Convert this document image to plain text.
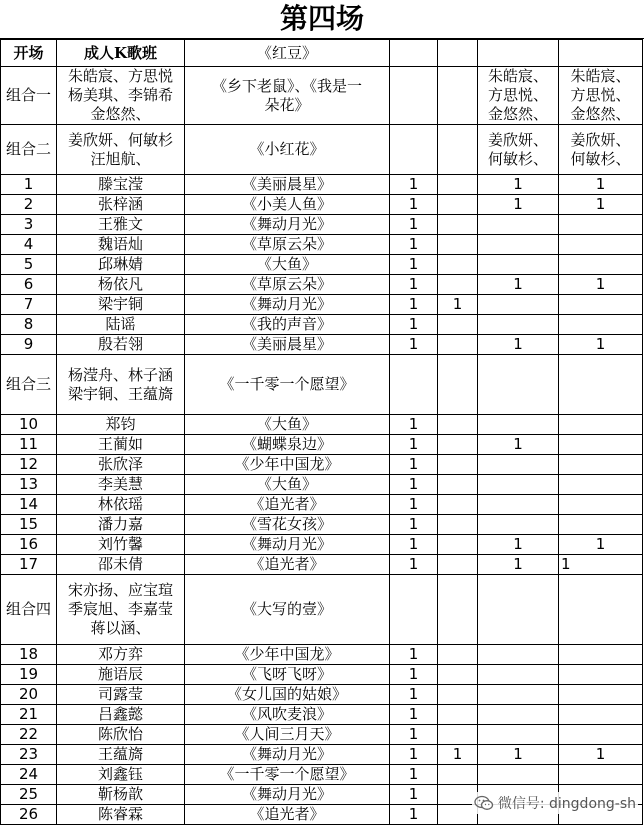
第四场
开场	成人K歌班	《红豆》				
组合一	朱皓宸、方思悦
杨美琪、李锦希
金悠然、	《乡下老鼠》、《我是一
朵花》			朱皓宸、
方思悦、
金悠然、	朱皓宸、
方思悦、
金悠然、
组合二	姜欣妍、何敏杉
汪旭航、	《小红花》			姜欣妍、
何敏杉、	姜欣妍、
何敏杉、
1	滕宝滢	《美丽晨星》	1		1	1
2	张梓涵	《小美人鱼》	1		1	1
3	王雅文	《舞动月光》	1			
4	魏语灿	《草原云朵》	1			
5	邱琳婧	《大鱼》	1			
6	杨依凡	《草原云朵》	1		1	1
7	梁宇铜	《舞动月光》	1	1		
8	陆谣	《我的声音》	1			
9	殷若翎	《美丽晨星》	1		1	1
组合三	杨滢舟、林子涵
梁宇铜、王蕴旖	《一千零一个愿望》				
10	郑钧	《大鱼》	1			
11	王蔺如	《蝴蝶泉边》	1		1	
12	张欣泽	《少年中国龙》	1			
13	李美慧	《大鱼》	1			
14	林依瑶	《追光者》	1			
15	潘力嘉	《雪花女孩》	1			
16	刘竹馨	《舞动月光》	1		1	1
17	邵未倩	《追光者》	1		1	1
组合四	宋亦扬、应宝瑄
季宸旭、李嘉莹
蒋以涵、	《大写的壹》				
18	邓方弈	《少年中国龙》	1			
19	施语辰	《飞呀飞呀》	1			
20	司露莹	《女儿国的姑娘》	1			
21	吕鑫懿	《风吹麦浪》	1			
22	陈欣怡	《人间三月天》	1			
23	王蕴旖	《舞动月光》	1	1	1	1
24	刘鑫钰	《一千零一个愿望》	1			
25	靳杨歆	《舞动月光》	1			
26	陈睿霖	《追光者》	1			
微信号: dingdong-sh
